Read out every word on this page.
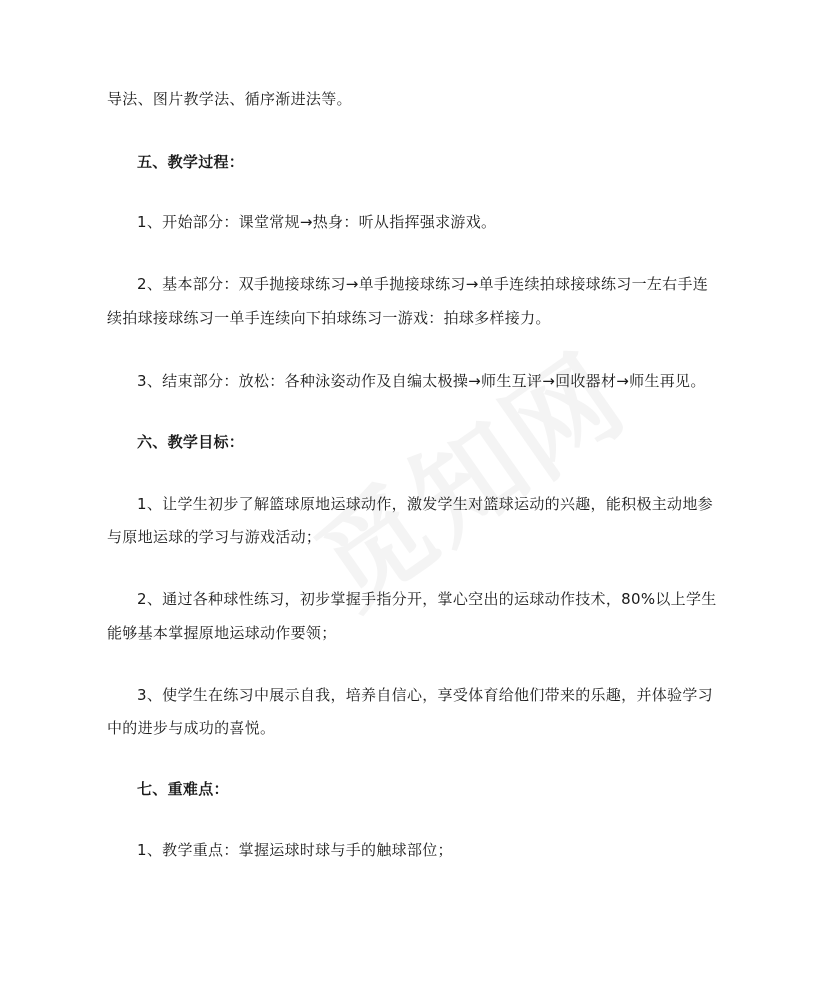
导法、图片教学法、循序渐进法等。
五、教学过程：
1、开始部分：课堂常规→热身：听从指挥强求游戏。
2、基本部分：双手抛接球练习→单手抛接球练习→单手连续拍球接球练习一左右手连
续拍球接球练习一单手连续向下拍球练习一游戏：拍球多样接力。
3、结束部分：放松：各种泳姿动作及自编太极操→师生互评→回收器材→师生再见。
六、教学目标：
1、让学生初步了解篮球原地运球动作，激发学生对篮球运动的兴趣，能积极主动地参
与原地运球的学习与游戏活动；
2、通过各种球性练习，初步掌握手指分开，掌心空出的运球动作技术，80%以上学生
能够基本掌握原地运球动作要领；
3、使学生在练习中展示自我，培养自信心，享受体育给他们带来的乐趣，并体验学习
中的进步与成功的喜悦。
七、重难点：
1、教学重点：掌握运球时球与手的触球部位；
